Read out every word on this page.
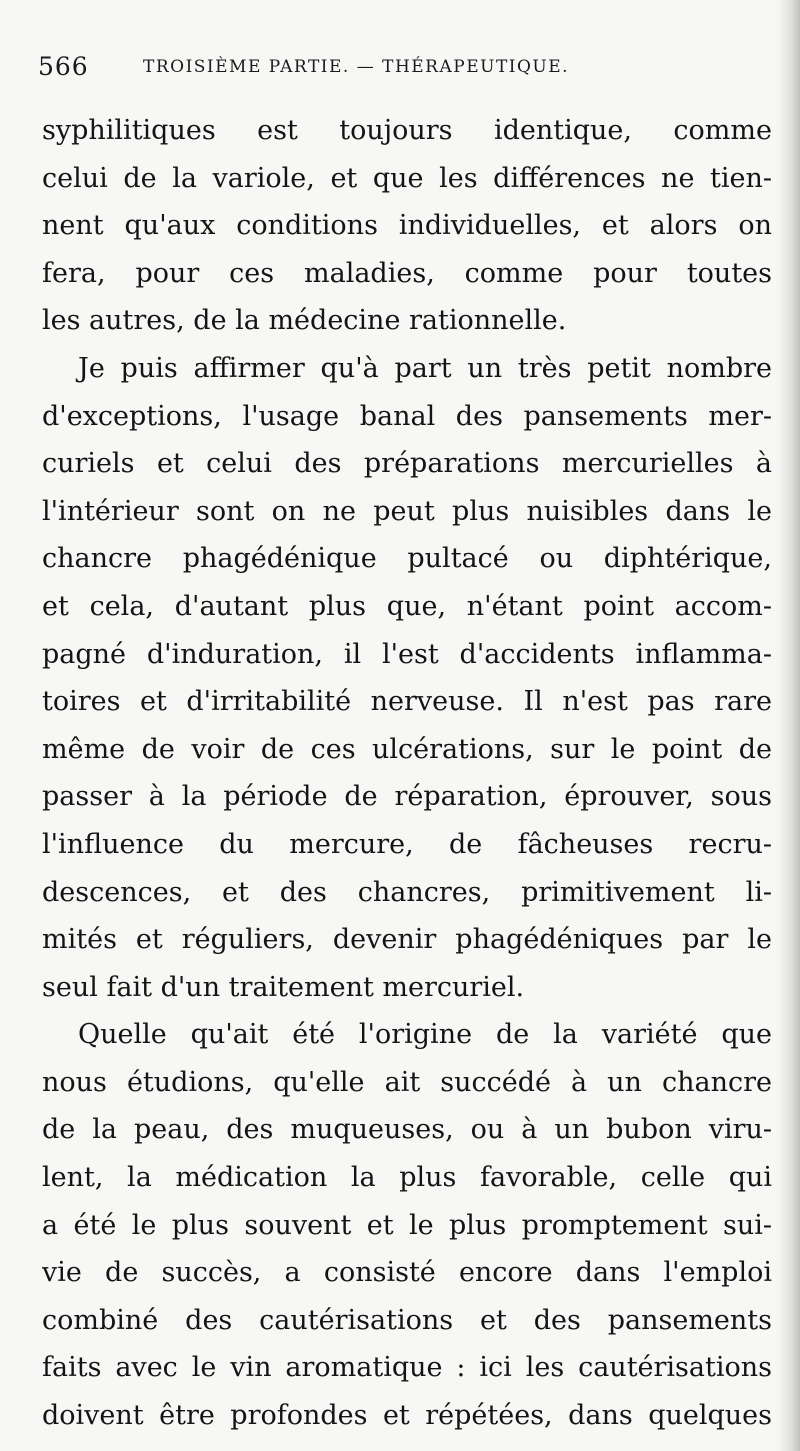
566	TROISIÈME PARTIE. — THÉRAPEUTIQUE.
syphilitiques est toujours identique, comme
celui de la variole, et que les différences ne tien-
nent qu'aux conditions individuelles, et alors on
fera, pour ces maladies, comme pour toutes
les autres, de la médecine rationnelle.
Je puis affirmer qu'à part un très petit nombre
d'exceptions, l'usage banal des pansements mer-
curiels et celui des préparations mercurielles à
l'intérieur sont on ne peut plus nuisibles dans le
chancre phagédénique pultacé ou diphtérique,
et cela, d'autant plus que, n'étant point accom-
pagné d'induration, il l'est d'accidents inflamma-
toires et d'irritabilité nerveuse. Il n'est pas rare
même de voir de ces ulcérations, sur le point de
passer à la période de réparation, éprouver, sous
l'influence du mercure, de fâcheuses recru-
descences, et des chancres, primitivement li-
mités et réguliers, devenir phagédéniques par le
seul fait d'un traitement mercuriel.
Quelle qu'ait été l'origine de la variété que
nous étudions, qu'elle ait succédé à un chancre
de la peau, des muqueuses, ou à un bubon viru-
lent, la médication la plus favorable, celle qui
a été le plus souvent et le plus promptement sui-
vie de succès, a consisté encore dans l'emploi
combiné des cautérisations et des pansements
faits avec le vin aromatique : ici les cautérisations
doivent être profondes et répétées, dans quelques
